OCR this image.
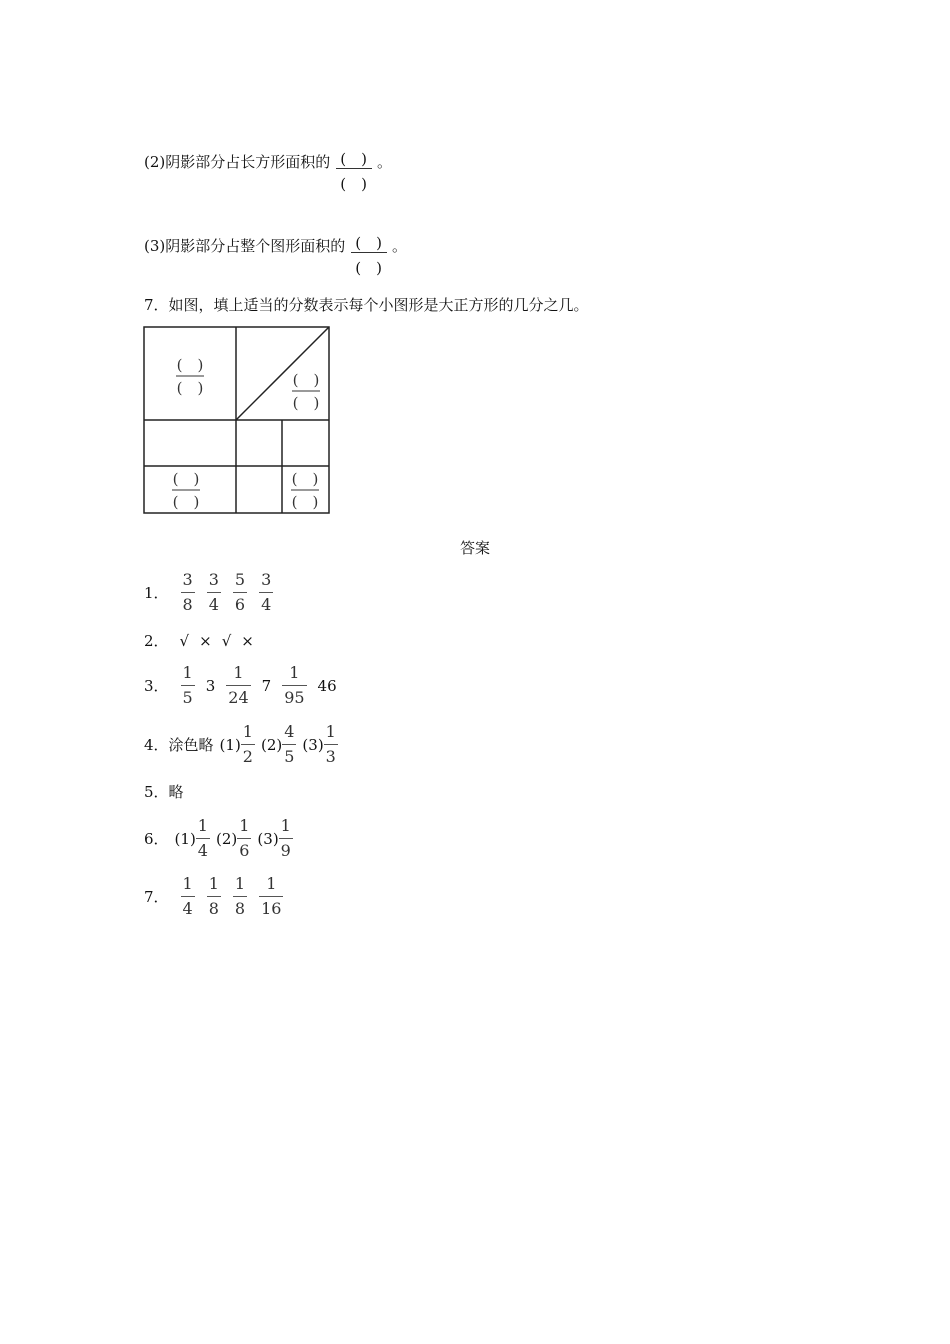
(2)阴影部分占长方形面积的 $\frac{( )}{( )}$ 。
(3)阴影部分占整个图形面积的 $\frac{( )}{( )}$ 。
7．如图，填上适当的分数表示每个小图形是大正方形的几分之几。
(　)
(　)	(　)
(　)
(　)
(　)
(　)
(　)
答案
1． $\frac{3}{8} \frac{3}{4} \frac{5}{6} \frac{3}{4}$
2． √ × √ ×
3． $\frac{1}{5} 3 \frac{1}{24} 7 \frac{1}{95} 46$
4．涂色略 $(1) \frac{1}{2} (2) \frac{4}{5} (3) \frac{1}{3}$
5．略
6． $(1) \frac{1}{4} (2) \frac{1}{6} (3) \frac{1}{9}$
7． $\frac{1}{4} \frac{1}{8} \frac{1}{8} \frac{1}{16}$
